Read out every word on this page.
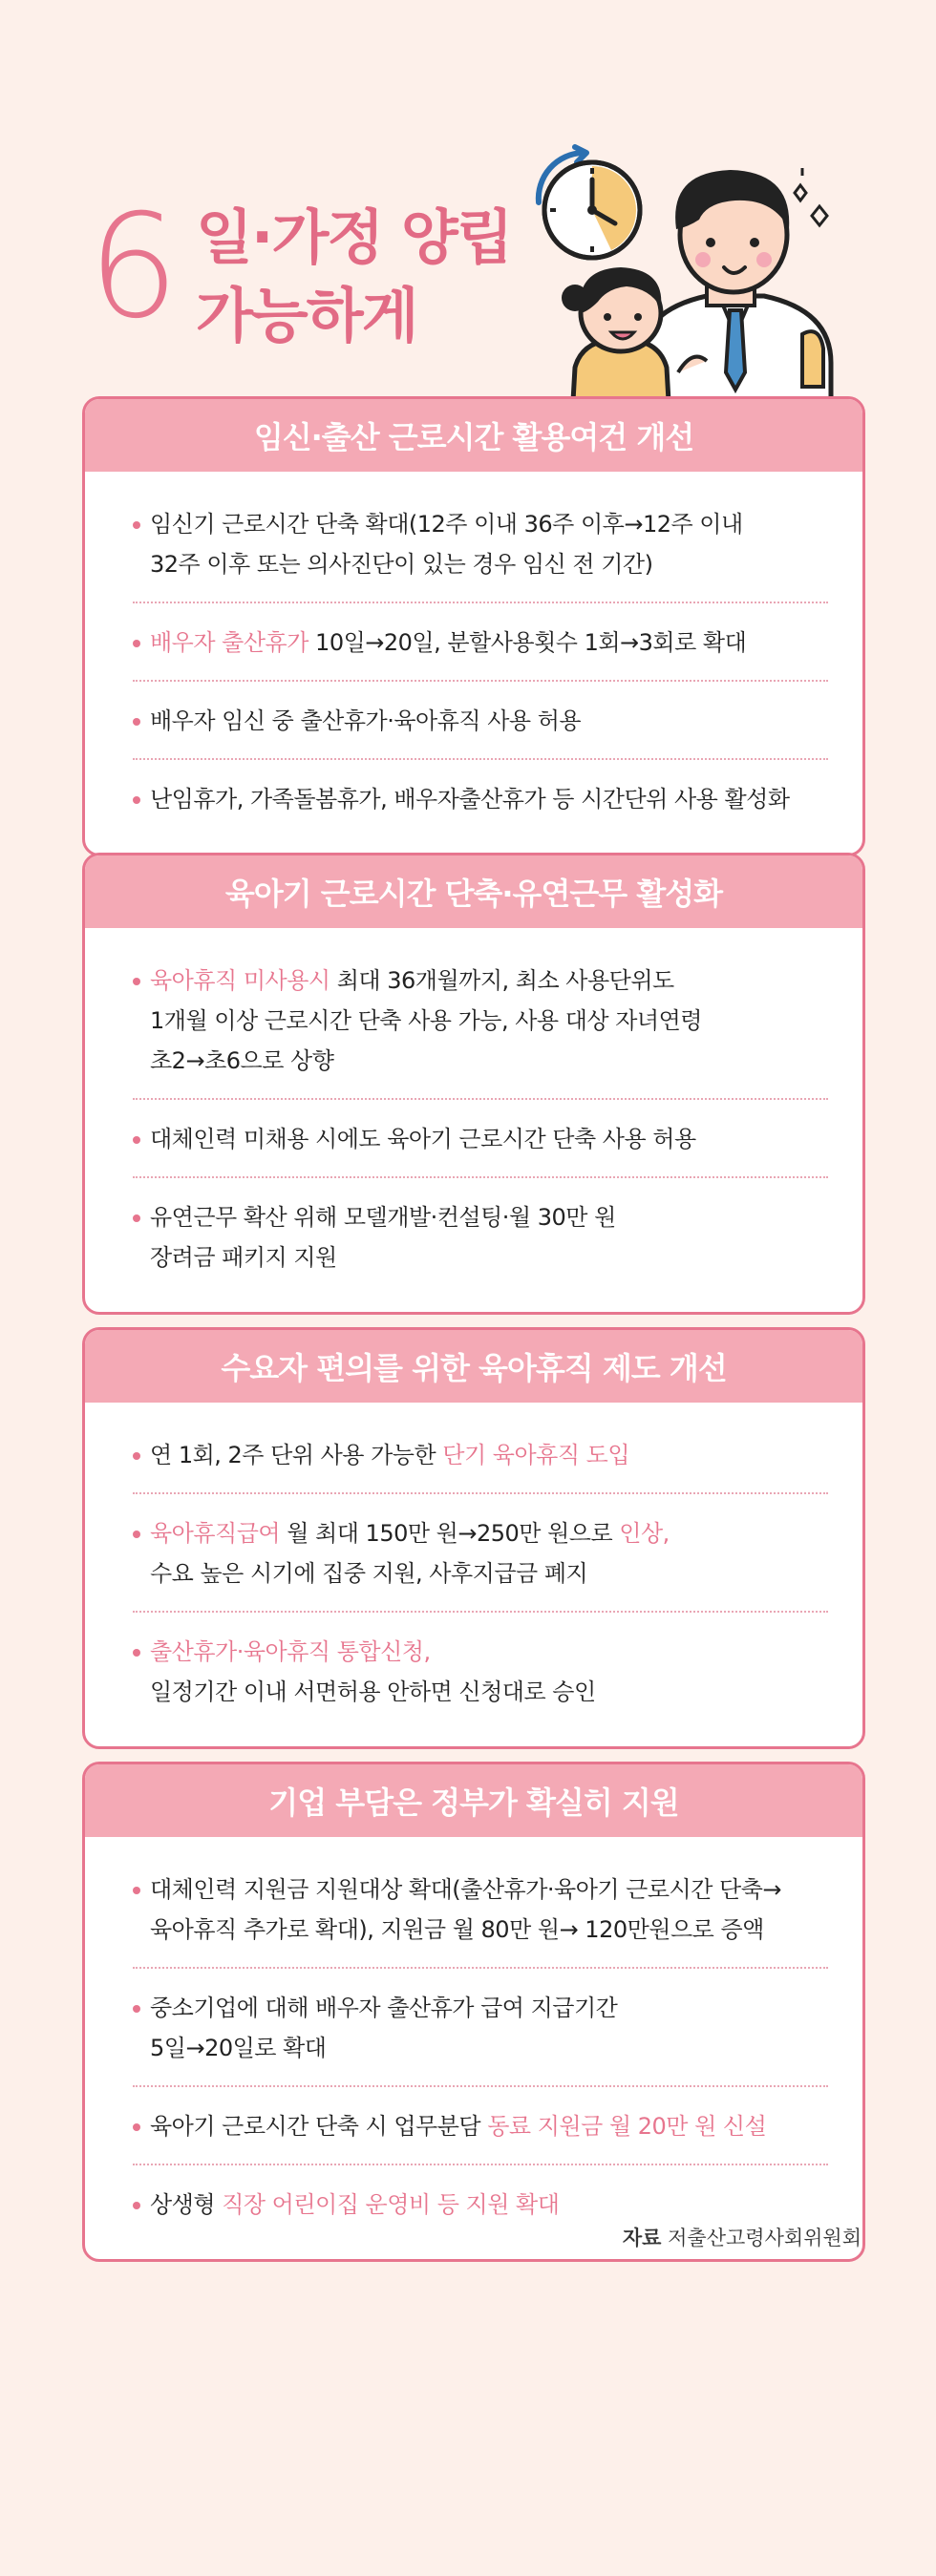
6 일·가정 양립
가능하게
임신·출산 근로시간 활용여건 개선
임신기 근로시간 단축 확대(12주 이내 36주 이후→12주 이내
32주 이후 또는 의사진단이 있는 경우 임신 전 기간)
배우자 출산휴가 10일→20일, 분할사용횟수 1회→3회로 확대
배우자 임신 중 출산휴가·육아휴직 사용 허용
난임휴가, 가족돌봄휴가, 배우자출산휴가 등 시간단위 사용 활성화
육아기 근로시간 단축·유연근무 활성화
육아휴직 미사용시 최대 36개월까지, 최소 사용단위도
1개월 이상 근로시간 단축 사용 가능, 사용 대상 자녀연령
초2→초6으로 상향
대체인력 미채용 시에도 육아기 근로시간 단축 사용 허용
유연근무 확산 위해 모델개발·컨설팅·월 30만 원
장려금 패키지 지원
수요자 편의를 위한 육아휴직 제도 개선
연 1회, 2주 단위 사용 가능한 단기 육아휴직 도입
육아휴직급여 월 최대 150만 원→250만 원으로 인상,
수요 높은 시기에 집중 지원, 사후지급금 폐지
출산휴가·육아휴직 통합신청,
일정기간 이내 서면허용 안하면 신청대로 승인
기업 부담은 정부가 확실히 지원
대체인력 지원금 지원대상 확대(출산휴가·육아기 근로시간 단축→
육아휴직 추가로 확대), 지원금 월 80만 원→ 120만원으로 증액
중소기업에 대해 배우자 출산휴가 급여 지급기간
5일→20일로 확대
육아기 근로시간 단축 시 업무분담 동료 지원금 월 20만 원 신설
상생형 직장 어린이집 운영비 등 지원 확대
자료 저출산고령사회위원회
